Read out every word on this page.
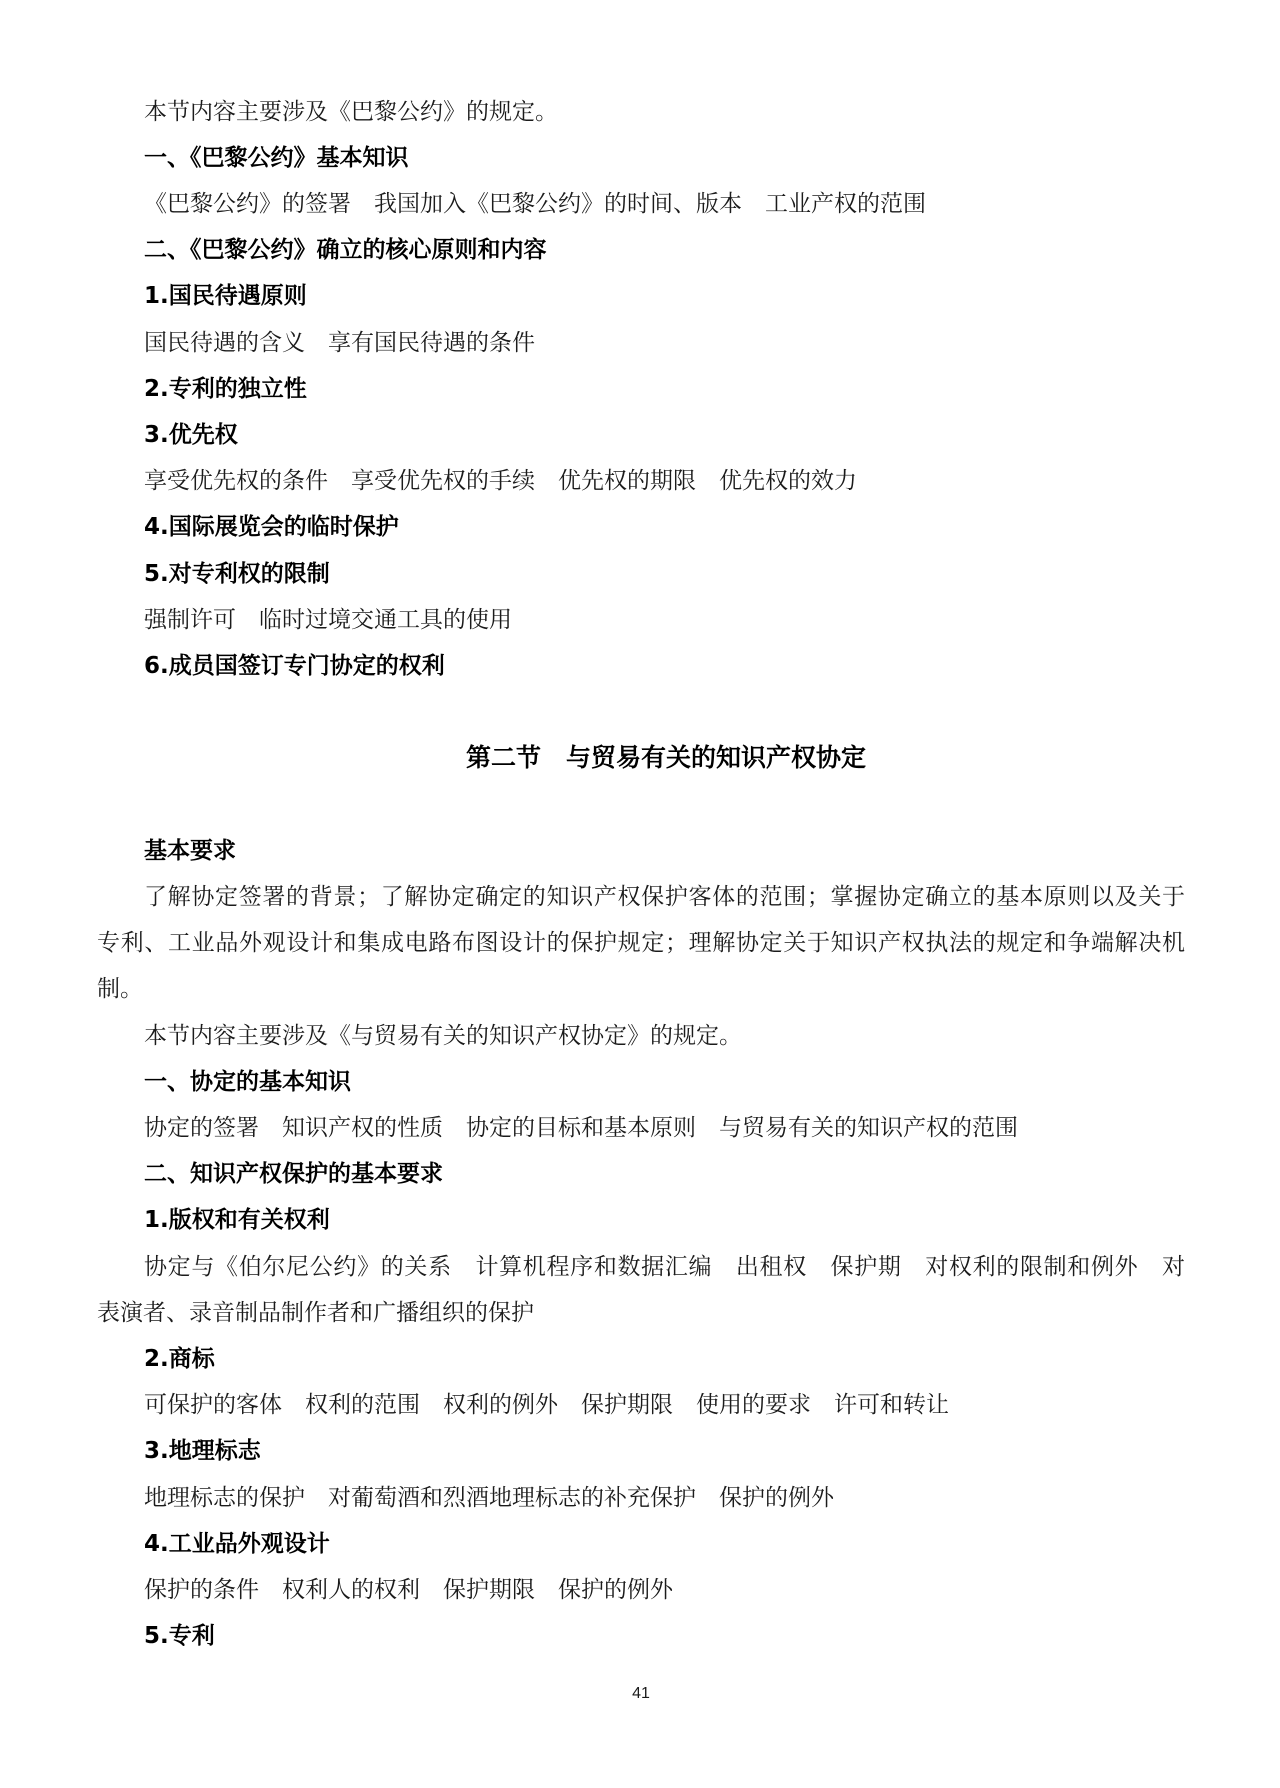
本节内容主要涉及《巴黎公约》的规定。
一、《巴黎公约》基本知识
《巴黎公约》的签署　我国加入《巴黎公约》的时间、版本　工业产权的范围
二、《巴黎公约》确立的核心原则和内容
1.国民待遇原则
国民待遇的含义　享有国民待遇的条件
2.专利的独立性
3.优先权
享受优先权的条件　享受优先权的手续　优先权的期限　优先权的效力
4.国际展览会的临时保护
5.对专利权的限制
强制许可　临时过境交通工具的使用
6.成员国签订专门协定的权利
第二节　与贸易有关的知识产权协定
基本要求
了解协定签署的背景；了解协定确定的知识产权保护客体的范围；掌握协定确立的基本原则以及关于
专利、工业品外观设计和集成电路布图设计的保护规定；理解协定关于知识产权执法的规定和争端解决机
制。
本节内容主要涉及《与贸易有关的知识产权协定》的规定。
一、协定的基本知识
协定的签署　知识产权的性质　协定的目标和基本原则　与贸易有关的知识产权的范围
二、知识产权保护的基本要求
1.版权和有关权利
协定与《伯尔尼公约》的关系　计算机程序和数据汇编　出租权　保护期　对权利的限制和例外　对
表演者、录音制品制作者和广播组织的保护
2.商标
可保护的客体　权利的范围　权利的例外　保护期限　使用的要求　许可和转让
3.地理标志
地理标志的保护　对葡萄酒和烈酒地理标志的补充保护　保护的例外
4.工业品外观设计
保护的条件　权利人的权利　保护期限　保护的例外
5.专利
41
